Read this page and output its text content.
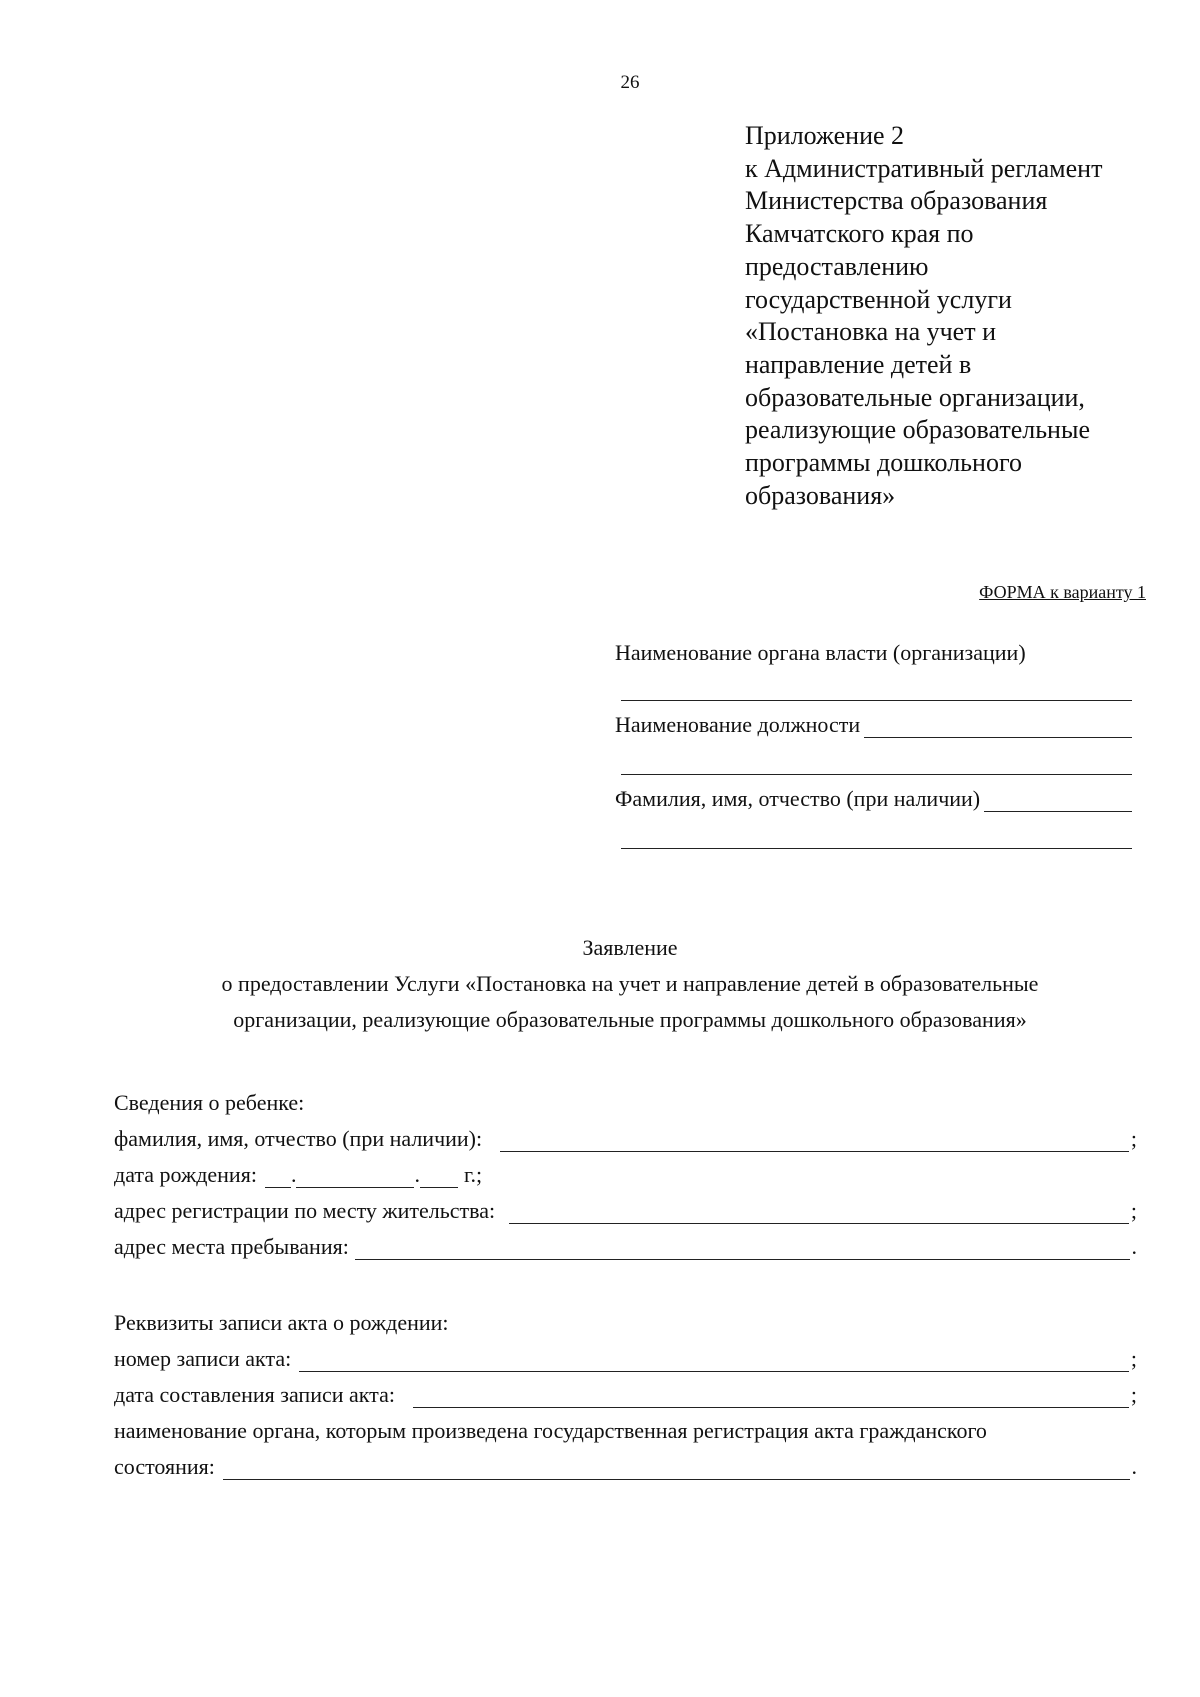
26
Приложение 2
к Административный регламент
Министерства образования
Камчатского края по
предоставлению
государственной услуги
«Постановка на учет и
направление детей в
образовательные организации,
реализующие образовательные
программы дошкольного
образования»
ФОРМА к варианту 1
Наименование органа власти (организации)
Наименование должности
Фамилия, имя, отчество (при наличии)
Заявление
о предоставлении Услуги «Постановка на учет и направление детей в образовательные
организации, реализующие образовательные программы дошкольного образования»
Сведения о ребенке:
фамилия, имя, отчество (при наличии):	;
дата рождения: .	. г.;
адрес регистрации по месту жительства:	;
адрес места пребывания:	.
Реквизиты записи акта о рождении:
номер записи акта:	;
дата составления записи акта:	;
наименование органа, которым произведена государственная регистрация акта гражданского
состояния:	.
